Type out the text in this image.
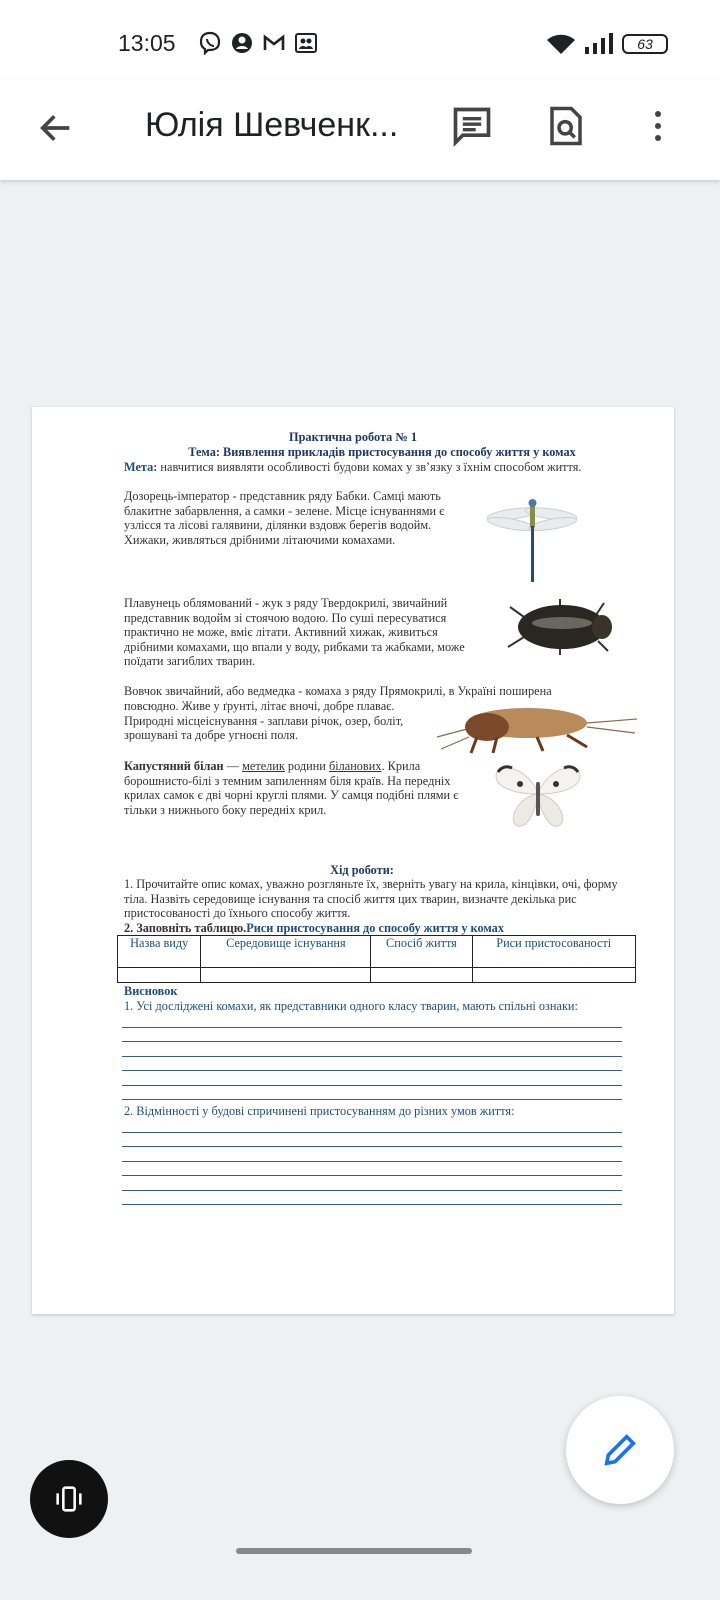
13:05	63
Юлія Шевченк...
Практична робота № 1
Тема: Виявлення прикладів пристосування до способу життя у комах
Мета: навчитися виявляти особливості будови комах у зв’язку з їхнім способом життя.
Дозорець-імператор - представник ряду Бабки. Самці мають блакитне забарвлення, а самки - зелене. Місце існуваннями є узлісся та лісові галявини, ділянки вздовж берегів водойм. Хижаки, живляться дрібними літаючими комахами.
Плавунець облямований - жук з ряду Твердокрилі, звичайний представник водойм зі стоячою водою. По суші пересуватися практично не може, вміє літати. Активний хижак, живиться дрібними комахами, що впали у воду, рибками та жабками, може поїдати загиблих тварин.
Вовчок звичайний, або ведмедка - комаха з ряду Прямокрилі, в Україні поширена
повсюдно. Живе у ґрунті, літає вночі, добре плаває. Природні місцеіснування - заплави річок, озер, боліт, зрошувані та добре угноєні поля.
Капустяний білан — метелик родини біланових. Крила борошнисто-білі з темним запиленням біля країв. На передніх крилах самок є дві чорні круглі плями. У самця подібні плями є тільки з нижнього боку передніх крил.
Хід роботи:
1. Прочитайте опис комах, уважно розгляньте їх, зверніть увагу на крила, кінцівки, очі, форму тіла. Назвіть середовище існування та спосіб життя цих тварин, визначте декілька рис пристосованості до їхнього способу життя.
2. Заповніть таблицю.Риси пристосування до способу життя у комах
Назва виду	Середовище існування	Спосіб життя	Риси пристосованості

Висновок
1. Усі досліджені комахи, як представники одного класу тварин, мають спільні ознаки:
2. Відмінності у будові спричинені пристосуванням до різних умов життя:
